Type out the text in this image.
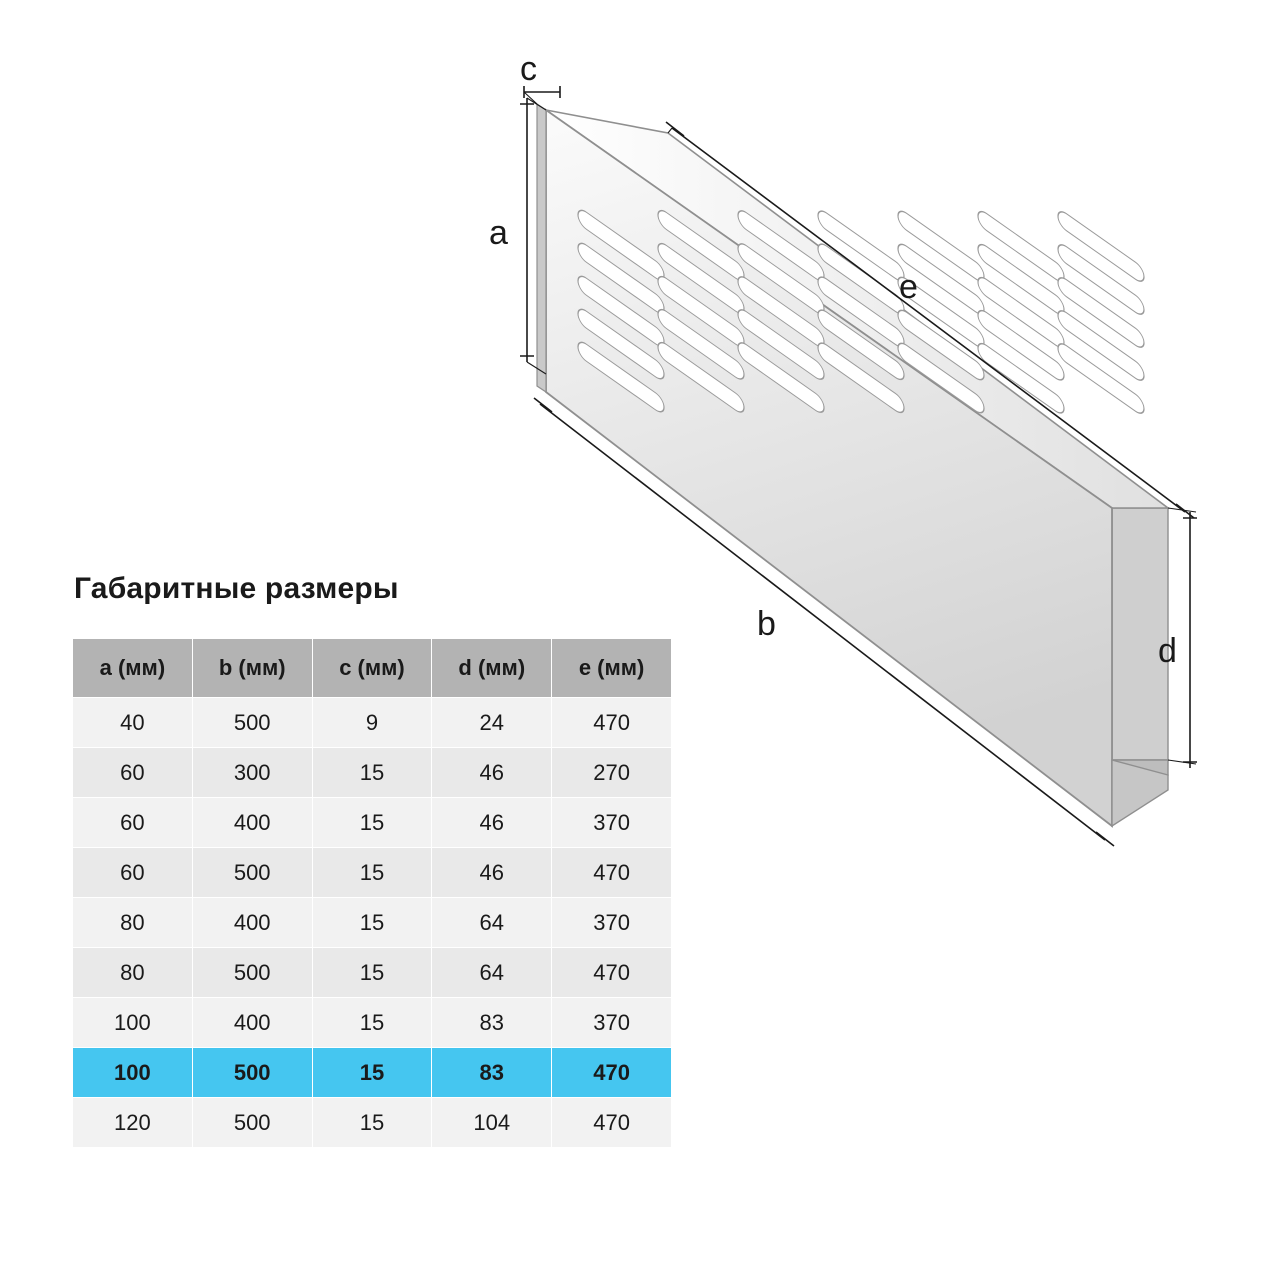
a
b
c
d
e
Габаритные размеры
a (мм)	b (мм)	c (мм)	d (мм)	e (мм)
40	500	9	24	470
60	300	15	46	270
60	400	15	46	370
60	500	15	46	470
80	400	15	64	370
80	500	15	64	470
100	400	15	83	370
100	500	15	83	470
120	500	15	104	470
